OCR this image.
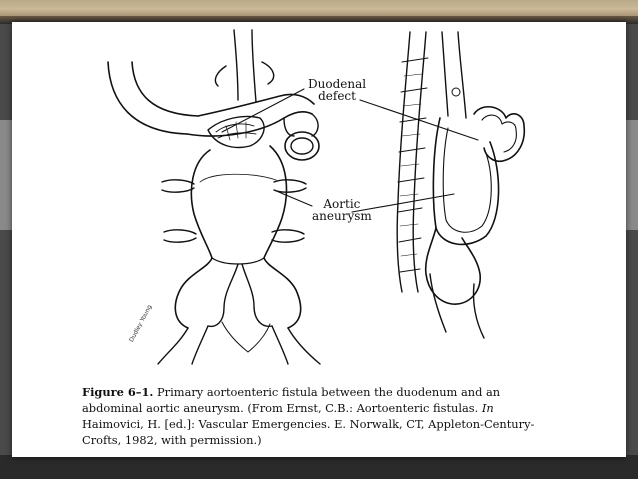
Duodenal
defect
Aortic
aneurysm
Dudley Young
Figure 6–1. Primary aortoenteric fistula between the duodenum and an abdominal aortic aneurysm. (From Ernst, C.B.: Aortoenteric fistulas. In Haimovici, H. [ed.]: Vascular Emergencies. E. Norwalk, CT, Appleton-Century-Crofts, 1982, with permission.)
